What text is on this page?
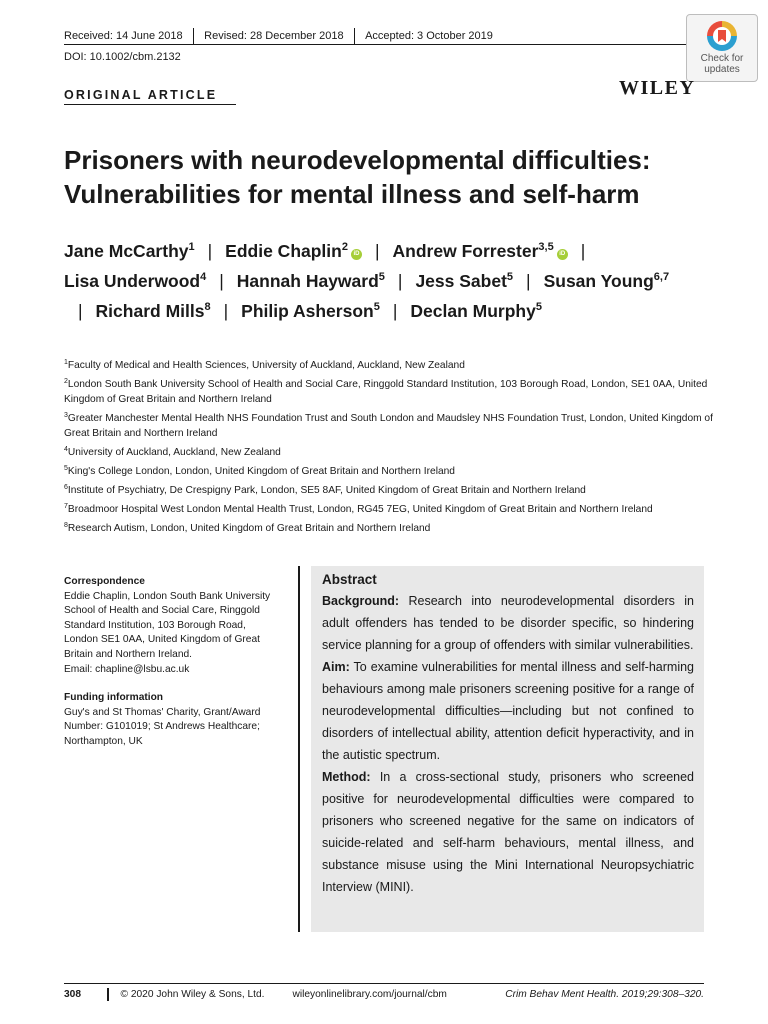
Received: 14 June 2018	Revised: 28 December 2018	Accepted: 3 October 2019
DOI: 10.1002/cbm.2132	Check for
updates
ORIGINAL ARTICLE	WILEY
Prisoners with neurodevelopmental difficulties:
Vulnerabilities for mental illness and self-harm
Jane McCarthy$^1$ | Eddie Chaplin$^2$iD | Andrew Forrester$^{3,5}$iD |
Lisa Underwood$^4$ | Hannah Hayward$^5$ | Jess Sabet$^5$ | Susan Young$^{6,7}$
| Richard Mills$^8$ | Philip Asherson$^5$ | Declan Murphy$^5$
$^1$Faculty of Medical and Health Sciences, University of Auckland, Auckland, New Zealand
$^2$London South Bank University School of Health and Social Care, Ringgold Standard Institution, 103 Borough Road, London, SE1 0AA, United Kingdom of Great Britain and Northern Ireland
$^3$Greater Manchester Mental Health NHS Foundation Trust and South London and Maudsley NHS Foundation Trust, London, United Kingdom of Great Britain and Northern Ireland
$^4$University of Auckland, Auckland, New Zealand
$^5$King's College London, London, United Kingdom of Great Britain and Northern Ireland
$^6$Institute of Psychiatry, De Crespigny Park, London, SE5 8AF, United Kingdom of Great Britain and Northern Ireland
$^7$Broadmoor Hospital West London Mental Health Trust, London, RG45 7EG, United Kingdom of Great Britain and Northern Ireland
$^8$Research Autism, London, United Kingdom of Great Britain and Northern Ireland
Correspondence
Eddie Chaplin, London South Bank University
School of Health and Social Care, Ringgold
Standard Institution, 103 Borough Road,
London SE1 0AA, United Kingdom of Great
Britain and Northern Ireland.
Email: chapline@lsbu.ac.uk
Funding information
Guy's and St Thomas' Charity, Grant/Award
Number: G101019; St Andrews Healthcare;
Northampton, UK
Abstract
Background: Research into neurodevelopmental disorders in adult offenders has tended to be disorder specific, so hindering service planning for a group of offenders with similar vulnerabilities.
Aim: To examine vulnerabilities for mental illness and self-harming behaviours among male prisoners screening positive for a range of neurodevelopmental difficulties—including but not confined to disorders of intellectual ability, attention deficit hyperactivity, and in the autistic spectrum.
Method: In a cross-sectional study, prisoners who screened positive for neurodevelopmental difficulties were compared to prisoners who screened negative for the same on indicators of suicide-related and self-harm behaviours, mental illness, and substance misuse using the Mini International Neuropsychiatric Interview (MINI).
308	© 2020 John Wiley & Sons, Ltd.	wileyonlinelibrary.com/journal/cbm	Crim Behav Ment Health. 2019;29:308–320.
